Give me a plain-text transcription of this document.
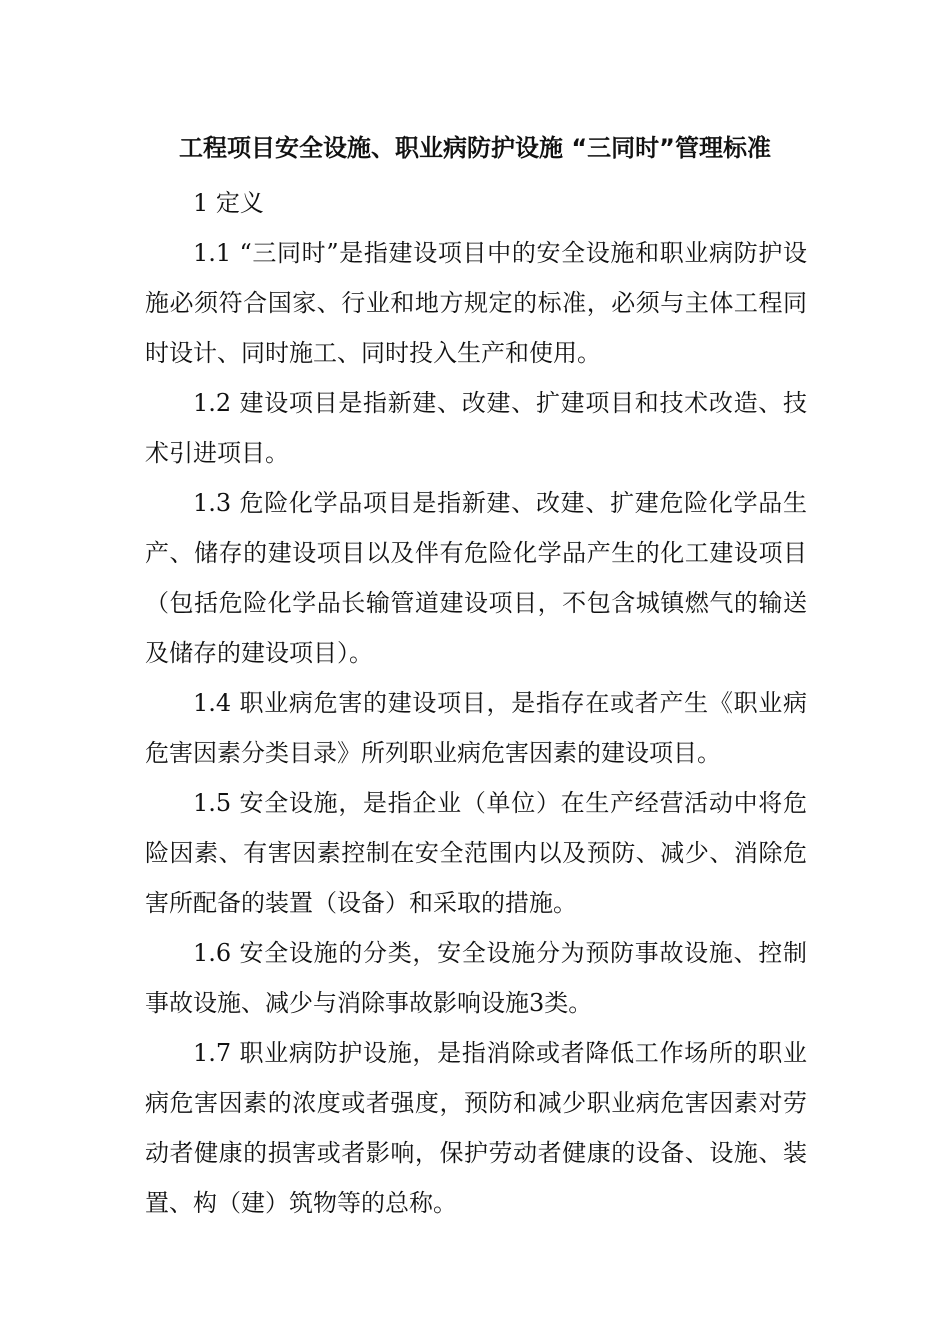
工程项目安全设施、职业病防护设施 “三同时”管理标准

1 定义

1.1 “三同时”是指建设项目中的安全设施和职业病防护设施必须符合国家、行业和地方规定的标准，必须与主体工程同时设计、同时施工、同时投入生产和使用。

1.2 建设项目是指新建、改建、扩建项目和技术改造、技术引进项目。

1.3 危险化学品项目是指新建、改建、扩建危险化学品生产、储存的建设项目以及伴有危险化学品产生的化工建设项目（包括危险化学品长输管道建设项目，不包含城镇燃气的输送及储存的建设项目）。

1.4 职业病危害的建设项目，是指存在或者产生《职业病危害因素分类目录》所列职业病危害因素的建设项目。

1.5 安全设施，是指企业（单位）在生产经营活动中将危险因素、有害因素控制在安全范围内以及预防、减少、消除危害所配备的装置（设备）和采取的措施。

1.6 安全设施的分类，安全设施分为预防事故设施、控制事故设施、减少与消除事故影响设施3类。

1.7 职业病防护设施，是指消除或者降低工作场所的职业病危害因素的浓度或者强度，预防和减少职业病危害因素对劳动者健康的损害或者影响，保护劳动者健康的设备、设施、装置、构（建）筑物等的总称。
